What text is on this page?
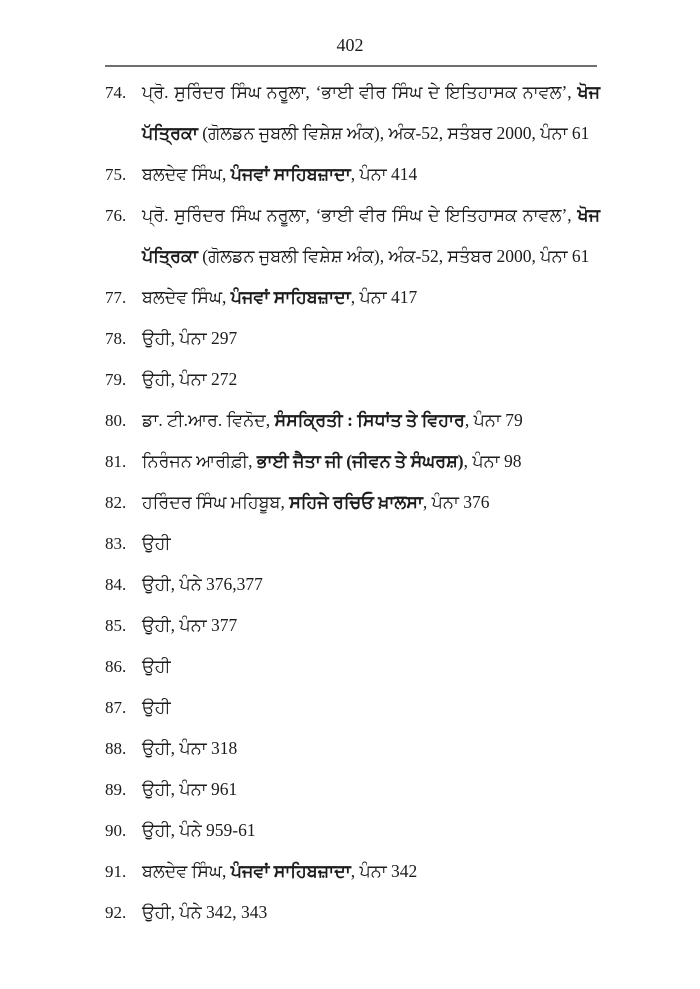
402
74. ਪ੍ਰੋ. ਸੁਰਿੰਦਰ ਸਿੰਘ ਨਰੂਲਾ, ‘ਭਾਈ ਵੀਰ ਸਿੰਘ ਦੇ ਇਤਿਹਾਸਕ ਨਾਵਲ’, ਖੋਜ
ਪੱਤ੍ਰਿਕਾ (ਗੋਲਡਨ ਜੁਬਲੀ ਵਿਸ਼ੇਸ਼ ਅੰਕ), ਅੰਕ-52, ਸਤੰਬਰ 2000, ਪੰਨਾ 61
75. ਬਲਦੇਵ ਸਿੰਘ, ਪੰਜਵਾਂ ਸਾਹਿਬਜ਼ਾਦਾ, ਪੰਨਾ 414
76. ਪ੍ਰੋ. ਸੁਰਿੰਦਰ ਸਿੰਘ ਨਰੂਲਾ, ‘ਭਾਈ ਵੀਰ ਸਿੰਘ ਦੇ ਇਤਿਹਾਸਕ ਨਾਵਲ’, ਖੋਜ
ਪੱਤ੍ਰਿਕਾ (ਗੋਲਡਨ ਜੁਬਲੀ ਵਿਸ਼ੇਸ਼ ਅੰਕ), ਅੰਕ-52, ਸਤੰਬਰ 2000, ਪੰਨਾ 61
77. ਬਲਦੇਵ ਸਿੰਘ, ਪੰਜਵਾਂ ਸਾਹਿਬਜ਼ਾਦਾ, ਪੰਨਾ 417
78. ਉਹੀ, ਪੰਨਾ 297
79. ਉਹੀ, ਪੰਨਾ 272
80. ਡਾ. ਟੀ.ਆਰ. ਵਿਨੋਦ, ਸੰਸਕ੍ਰਿਤੀ : ਸਿਧਾਂਤ ਤੇ ਵਿਹਾਰ, ਪੰਨਾ 79
81. ਨਿਰੰਜਨ ਆਰੀਫ਼ੀ, ਭਾਈ ਜੈਤਾ ਜੀ (ਜੀਵਨ ਤੇ ਸੰਘਰਸ਼), ਪੰਨਾ 98
82. ਹਰਿੰਦਰ ਸਿੰਘ ਮਹਿਬੂਬ, ਸਹਿਜੇ ਰਚਿਓ ਖ਼ਾਲਸਾ, ਪੰਨਾ 376
83. ਉਹੀ
84. ਉਹੀ, ਪੰਨੇ 376,377
85. ਉਹੀ, ਪੰਨਾ 377
86. ਉਹੀ
87. ਉਹੀ
88. ਉਹੀ, ਪੰਨਾ 318
89. ਉਹੀ, ਪੰਨਾ 961
90. ਉਹੀ, ਪੰਨੇ 959-61
91. ਬਲਦੇਵ ਸਿੰਘ, ਪੰਜਵਾਂ ਸਾਹਿਬਜ਼ਾਦਾ, ਪੰਨਾ 342
92. ਉਹੀ, ਪੰਨੇ 342, 343
